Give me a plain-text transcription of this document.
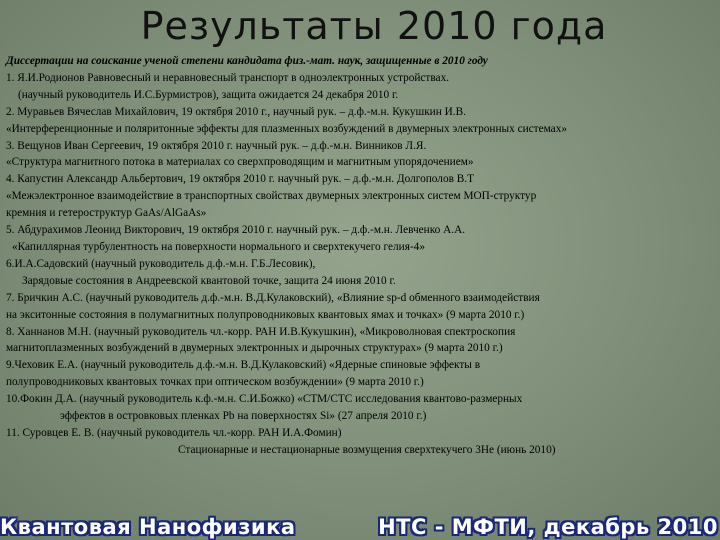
Результаты 2010 года
Диссертации на соискание ученой степени кандидата физ.-мат. наук, защищенные в 2010 году
1. Я.И.Родионов Равновесный и неравновесный транспорт в одноэлектронных устройствах.
(научный руководитель И.С.Бурмистров), защита ожидается 24 декабря 2010 г.
2. Муравьев Вячеслав Михайлович, 19 октября 2010 г., научный рук. – д.ф.-м.н. Кукушкин И.В.
«Интерференционные и поляритонные эффекты для плазменных возбуждений в двумерных электронных системах»
3. Вещунов Иван Сергеевич, 19 октября 2010 г. научный рук. – д.ф.-м.н. Винников Л.Я.
«Структура магнитного потока в материалах со сверхпроводящим и магнитным упорядочением»
4. Капустин Александр Альбертович, 19 октября 2010 г. научный рук. – д.ф.-м.н. Долгополов В.Т
«Межэлектронное взаимодействие в транспортных свойствах двумерных электронных систем МОП-структур
кремния и гетероструктур GaAs/AlGaAs»
5. Абдурахимов Леонид Викторович, 19 октября 2010 г. научный рук. – д.ф.-м.н. Левченко А.А.
«Капиллярная турбулентность на поверхности нормального и сверхтекучего гелия-4»
6.И.А.Садовский (научный руководитель д.ф.-м.н. Г.Б.Лесовик),
Зарядовые состояния в Андреевской квантовой точке, защита 24 июня 2010 г.
7. Бричкин А.С. (научный руководитель д.ф.-м.н. В.Д.Кулаковский), «Влияние sp-d обменного взаимодействия
на экситонные состояния в полумагнитных полупроводниковых квантовых ямах и точках» (9 марта 2010 г.)
8. Ханнанов М.Н. (научный руководитель чл.-корр. РАН И.В.Кукушкин), «Микроволновая спектроскопия
магнитоплазменных возбуждений в двумерных электронных и дырочных структурах» (9 марта 2010 г.)
9.Чеховик Е.А. (научный руководитель д.ф.-м.н. В.Д.Кулаковский) «Ядерные спиновые эффекты в
полупроводниковых квантовых точках при оптическом возбуждении» (9 марта 2010 г.)
10.Фокин Д.А. (научный руководитель к.ф.-м.н. С.И.Божко) «СТМ/СТС исследования квантово-размерных
эффектов в островковых пленках Pb на поверхностях Si» (27 апреля 2010 г.)
11. Суровцев Е. В. (научный руководитель чл.-корр. РАН И.А.Фомин)
Стационарные и нестационарные возмущения сверхтекучего 3He (июнь 2010)
Квантовая Нанофизика	НТС - МФТИ, декабрь 2010
